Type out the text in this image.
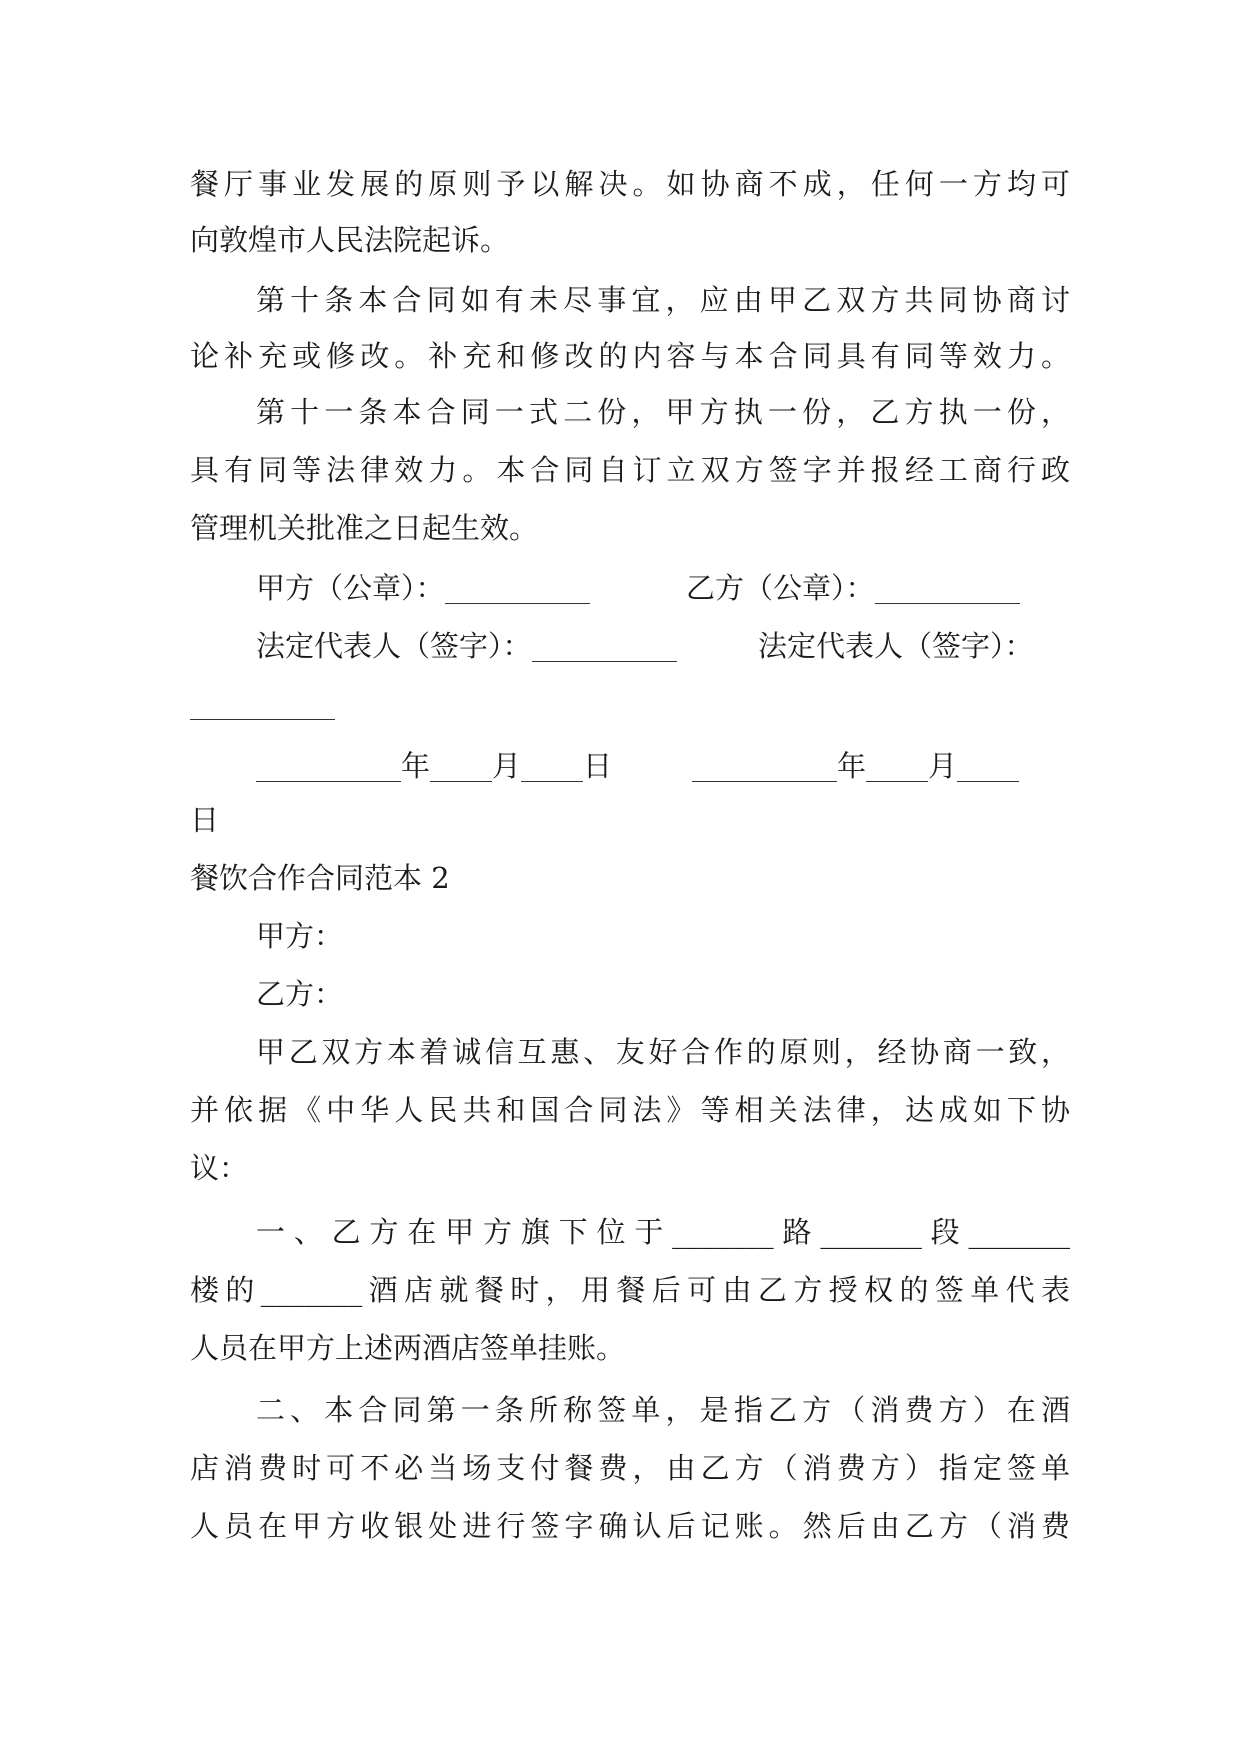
餐厅事业发展的原则予以解决。如协商不成，任何一方均可
向敦煌市人民法院起诉。
第十条本合同如有未尽事宜，应由甲乙双方共同协商讨
论补充或修改。补充和修改的内容与本合同具有同等效力。
第十一条本合同一式二份，甲方执一份，乙方执一份，
具有同等法律效力。本合同自订立双方签字并报经工商行政
管理机关批准之日起生效。
甲方（公章）：	乙方（公章）：
法定代表人（签字）：	法定代表人（签字）：
年 月 日	年 月
日
餐饮合作合同范本 2
甲方：
乙方：
甲乙双方本着诚信互惠、友好合作的原则，经协商一致，
并依据《中华人民共和国合同法》等相关法律，达成如下协
议：
一、乙方在甲方旗下位于_______路_______段_______
楼的_______酒店就餐时，用餐后可由乙方授权的签单代表
人员在甲方上述两酒店签单挂账。
二、本合同第一条所称签单，是指乙方（消费方）在酒
店消费时可不必当场支付餐费，由乙方（消费方）指定签单
人员在甲方收银处进行签字确认后记账。然后由乙方（消费
